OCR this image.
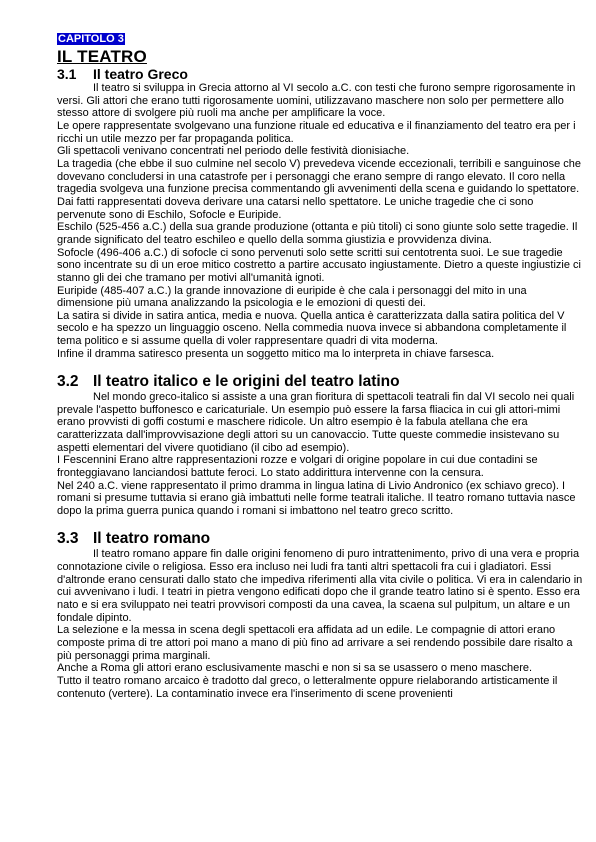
CAPITOLO 3
IL TEATRO
3.1 Il teatro Greco

Il teatro si sviluppa in Grecia attorno al VI secolo a.C. con testi che furono sempre rigorosamente in versi. Gli attori che erano tutti rigorosamente uomini, utilizzavano maschere non solo per permettere allo stesso attore di svolgere più ruoli ma anche per amplificare la voce.

Le opere rappresentate svolgevano una funzione rituale ed educativa e il finanziamento del teatro era per i ricchi un utile mezzo per far propaganda politica.

Gli spettacoli venivano concentrati nel periodo delle festività dionisiache.

La tragedia (che ebbe il suo culmine nel secolo V) prevedeva vicende eccezionali, terribili e sanguinose che dovevano concludersi in una catastrofe per i personaggi che erano sempre di rango elevato. Il coro nella tragedia svolgeva una funzione precisa commentando gli avvenimenti della scena e guidando lo spettatore. Dai fatti rappresentati doveva derivare una catarsi nello spettatore. Le uniche tragedie che ci sono pervenute sono di Eschilo, Sofocle e Euripide.

Eschilo (525-456 a.C.) della sua grande produzione (ottanta e più titoli) ci sono giunte solo sette tragedie. Il grande significato del teatro eschileo e quello della somma giustizia e provvidenza divina.

Sofocle (496-406 a.C.) di sofocle ci sono pervenuti solo sette scritti sui centotrenta suoi. Le sue tragedie sono incentrate su di un eroe mitico costretto a partire accusato ingiustamente. Dietro a queste ingiustizie ci stanno gli dei che tramano per motivi all'umanità ignoti.

Euripide (485-407 a.C.) la grande innovazione di euripide è che cala i personaggi del mito in una dimensione più umana analizzando la psicologia e le emozioni di questi dei.

La satira si divide in satira antica, media e nuova. Quella antica è caratterizzata dalla satira politica del V secolo e ha spezzo un linguaggio osceno. Nella commedia nuova invece si abbandona completamente il tema politico e si assume quella di voler rappresentare quadri di vita moderna.

Infine il dramma satiresco presenta un soggetto mitico ma lo interpreta in chiave farsesca.

3.2 Il teatro italico e le origini del teatro latino

Nel mondo greco-italico si assiste a una gran fioritura di spettacoli teatrali fin dal VI secolo nei quali prevale l'aspetto buffonesco e caricaturiale. Un esempio può essere la farsa fliacica in cui gli attori-mimi erano provvisti di goffi costumi e maschere ridicole. Un altro esempio è la fabula atellana che era caratterizzata dall'improvvisazione degli attori su un canovaccio. Tutte queste commedie insistevano su aspetti elementari del vivere quotidiano (il cibo ad esempio).

I Fescennini Erano altre rappresentazioni rozze e volgari di origine popolare in cui due contadini se fronteggiavano lanciandosi battute feroci. Lo stato addirittura intervenne con la censura.

Nel 240 a.C. viene rappresentato il primo dramma in lingua latina di Livio Andronico (ex schiavo greco). I romani si presume tuttavia si erano già imbattuti nelle forme teatrali italiche. Il teatro romano tuttavia nasce dopo la prima guerra punica quando i romani si imbattono nel teatro greco scritto.

3.3 Il teatro romano

Il teatro romano appare fin dalle origini fenomeno di puro intrattenimento, privo di una vera e propria connotazione civile o religiosa. Esso era incluso nei ludi fra tanti altri spettacoli fra cui i gladiatori. Essi d'altronde erano censurati dallo stato che impediva riferimenti alla vita civile o politica. Vi era in calendario in cui avvenivano i ludi. I teatri in pietra vengono edificati dopo che il grande teatro latino si è spento. Esso era nato e si era sviluppato nei teatri provvisori composti da una cavea, la scaena sul pulpitum, un altare e un fondale dipinto.

La selezione e la messa in scena degli spettacoli era affidata ad un edile. Le compagnie di attori erano composte prima di tre attori poi mano a mano di più fino ad arrivare a sei rendendo possibile dare risalto a più personaggi prima marginali.

Anche a Roma gli attori erano esclusivamente maschi e non si sa se usassero o meno maschere.

Tutto il teatro romano arcaico è tradotto dal greco, o letteralmente oppure rielaborando artisticamente il contenuto (vertere). La contaminatio invece era l'inserimento di scene provenienti
